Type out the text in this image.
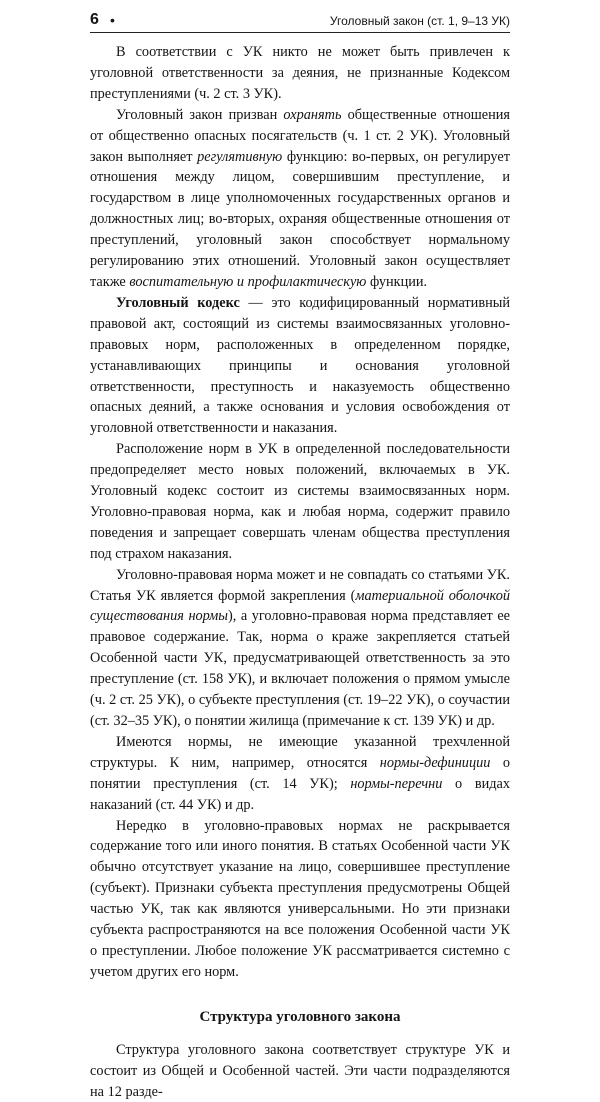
6 •	Уголовный закон (ст. 1, 9–13 УК)

В соответствии с УК никто не может быть привлечен к уголовной ответственности за деяния, не признанные Кодексом преступлениями (ч. 2 ст. 3 УК).

Уголовный закон призван охранять общественные отношения от общественно опасных посягательств (ч. 1 ст. 2 УК). Уголовный закон выполняет регулятивную функцию: во-первых, он регулирует отношения между лицом, совершившим преступление, и государством в лице уполномоченных государственных органов и должностных лиц; во-вторых, охраняя общественные отношения от преступлений, уголовный закон способствует нормальному регулированию этих отношений. Уголовный закон осуществляет также воспитательную и профилактическую функции.

Уголовный кодекс — это кодифицированный нормативный правовой акт, состоящий из системы взаимосвязанных уголовно-правовых норм, расположенных в определенном порядке, устанавливающих принципы и основания уголовной ответственности, преступность и наказуемость общественно опасных деяний, а также основания и условия освобождения от уголовной ответственности и наказания.

Расположение норм в УК в определенной последовательности предопределяет место новых положений, включаемых в УК. Уголовный кодекс состоит из системы взаимосвязанных норм. Уголовно-правовая норма, как и любая норма, содержит правило поведения и запрещает совершать членам общества преступления под страхом наказания.

Уголовно-правовая норма может и не совпадать со статьями УК. Статья УК является формой закрепления (материальной оболочкой существования нормы), а уголовно-правовая норма представляет ее правовое содержание. Так, норма о краже закрепляется статьей Особенной части УК, предусматривающей ответственность за это преступление (ст. 158 УК), и включает положения о прямом умысле (ч. 2 ст. 25 УК), о субъекте преступления (ст. 19–22 УК), о соучастии (ст. 32–35 УК), о понятии жилища (примечание к ст. 139 УК) и др.

Имеются нормы, не имеющие указанной трехчленной структуры. К ним, например, относятся нормы-дефиниции о понятии преступления (ст. 14 УК); нормы-перечни о видах наказаний (ст. 44 УК) и др.

Нередко в уголовно-правовых нормах не раскрывается содержание того или иного понятия. В статьях Особенной части УК обычно отсутствует указание на лицо, совершившее преступление (субъект). Признаки субъекта преступления предусмотрены Общей частью УК, так как являются универсальными. Но эти признаки субъекта распространяются на все положения Особенной части УК о преступлении. Любое положение УК рассматривается системно с учетом других его норм.

Структура уголовного закона

Структура уголовного закона соответствует структуре УК и состоит из Общей и Особенной частей. Эти части подразделяются на 12 разде-
